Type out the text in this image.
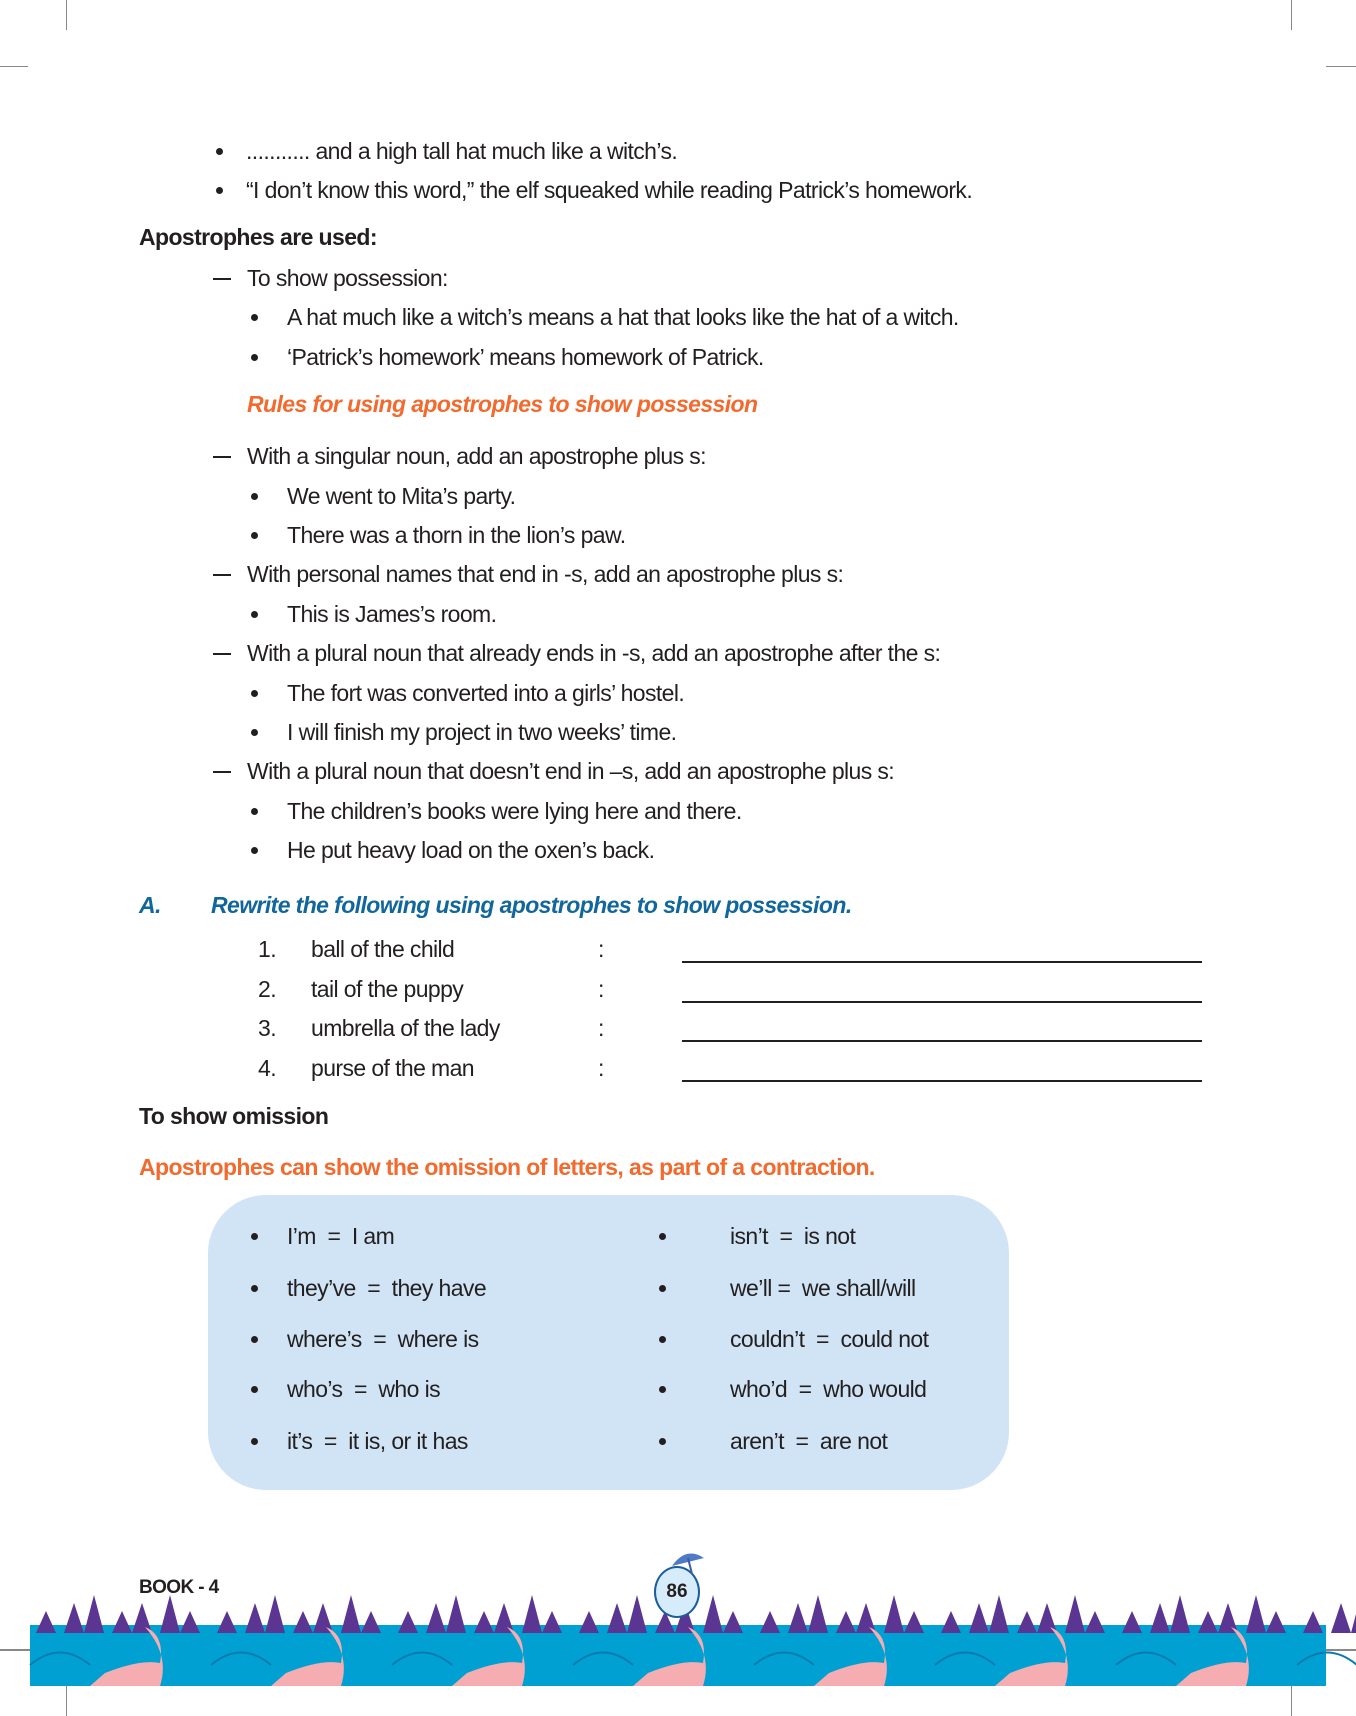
........... and a high tall hat much like a witch’s.
“I don’t know this word,” the elf squeaked while reading Patrick’s homework.
Apostrophes are used:
To show possession:
A hat much like a witch’s means a hat that looks like the hat of a witch.
‘Patrick’s homework’ means homework of Patrick.
Rules for using apostrophes to show possession
With a singular noun, add an apostrophe plus s:
We went to Mita’s party.
There was a thorn in the lion’s paw.
With personal names that end in -s, add an apostrophe plus s:
This is James’s room.
With a plural noun that already ends in -s, add an apostrophe after the s:
The fort was converted into a girls’ hostel.
I will finish my project in two weeks’ time.
With a plural noun that doesn’t end in –s, add an apostrophe plus s:
The children’s books were lying here and there.
He put heavy load on the oxen’s back.
A. Rewrite the following using apostrophes to show possession.
1. ball of the child	:
2. tail of the puppy	:
3. umbrella of the lady	:
4. purse of the man	:
To show omission
Apostrophes can show the omission of letters, as part of a contraction.
I’m  =  I am
they’ve  =  they have
where’s  =  where is
who’s  =  who is
it’s  =  it is, or it has
isn’t  =  is not
we’ll =  we shall/will
couldn’t  =  could not
who’d  =  who would
aren’t  =  are not
BOOK - 4	86
